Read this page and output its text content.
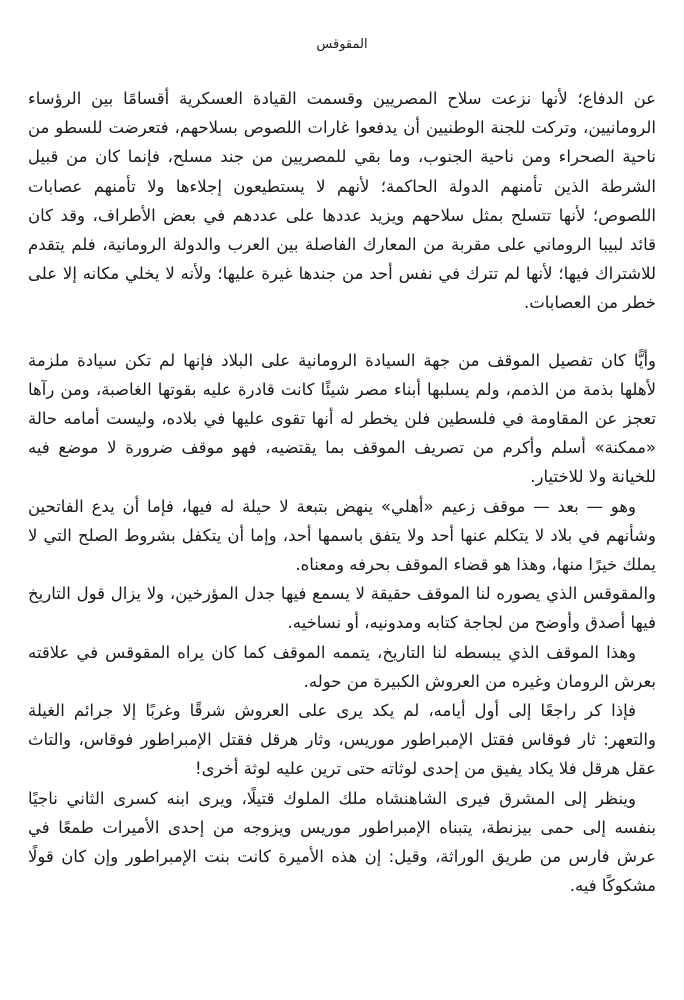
المقوقس

عن الدفاع؛ لأنها نزعت سلاح المصريين وقسمت القيادة العسكرية أقسامًا بين الرؤساء الرومانيين، وتركت للجنة الوطنيين أن يدفعوا غارات اللصوص بسلاحهم، فتعرضت للسطو من ناحية الصحراء ومن ناحية الجنوب، وما بقي للمصريين من جند مسلح، فإنما كان من قبيل الشرطة الذين تأمنهم الدولة الحاكمة؛ لأنهم لا يستطيعون إجلاءها ولا تأمنهم عصابات اللصوص؛ لأنها تتسلح بمثل سلاحهم ويزيد عددها على عددهم في بعض الأطراف، وقد كان قائد لبيبا الروماني على مقربة من المعارك الفاصلة بين العرب والدولة الرومانية، فلم يتقدم للاشتراك فيها؛ لأنها لم تترك في نفس أحد من جندها غيرة عليها؛ ولأنه لا يخلي مكانه إلا على خطر من العصابات.

وأيًّا كان تفصيل الموقف من جهة السيادة الرومانية على البلاد فإنها لم تكن سيادة ملزمة لأهلها بذمة من الذمم، ولم يسلبها أبناء مصر شيئًا كانت قادرة عليه بقوتها الغاصبة، ومن رآها تعجز عن المقاومة في فلسطين فلن يخطر له أنها تقوى عليها في بلاده، وليست أمامه حالة «ممكنة» أسلم وأكرم من تصريف الموقف بما يقتضيه، فهو موقف ضرورة لا موضع فيه للخيانة ولا للاختيار.

وهو — بعد — موقف زعيم «أهلي» ينهض بتبعة لا حيلة له فيها، فإما أن يدع الفاتحين وشأنهم في بلاد لا يتكلم عنها أحد ولا يتفق باسمها أحد، وإما أن يتكفل بشروط الصلح التي لا يملك خيرًا منها، وهذا هو قضاء الموقف بحرفه ومعناه.

والمقوقس الذي يصوره لنا الموقف حقيقة لا يسمع فيها جدل المؤرخين، ولا يزال قول التاريخ فيها أصدق وأوضح من لجاجة كتابه ومدونيه، أو نساخيه.

وهذا الموقف الذي يبسطه لنا التاريخ، يتممه الموقف كما كان يراه المقوقس في علاقته بعرش الرومان وغيره من العروش الكبيرة من حوله.

فإذا كر راجعًا إلى أول أيامه، لم يكد يرى على العروش شرقًا وغربًا إلا جرائم الغيلة والتعهر: ثار فوقاس فقتل الإمبراطور موريس، وثار هرقل فقتل الإمبراطور فوقاس، والتاث عقل هرقل فلا يكاد يفيق من إحدى لوثاته حتى ترين عليه لوثة أخرى!

وينظر إلى المشرق فيرى الشاهنشاه ملك الملوك قتيلًا، ويرى ابنه كسرى الثاني ناجيًا بنفسه إلى حمى بيزنطة، يتبناه الإمبراطور موريس ويزوجه من إحدى الأميرات طمعًا في عرش فارس من طريق الوراثة، وقيل: إن هذه الأميرة كانت بنت الإمبراطور وإن كان قولًا مشكوكًا فيه.
